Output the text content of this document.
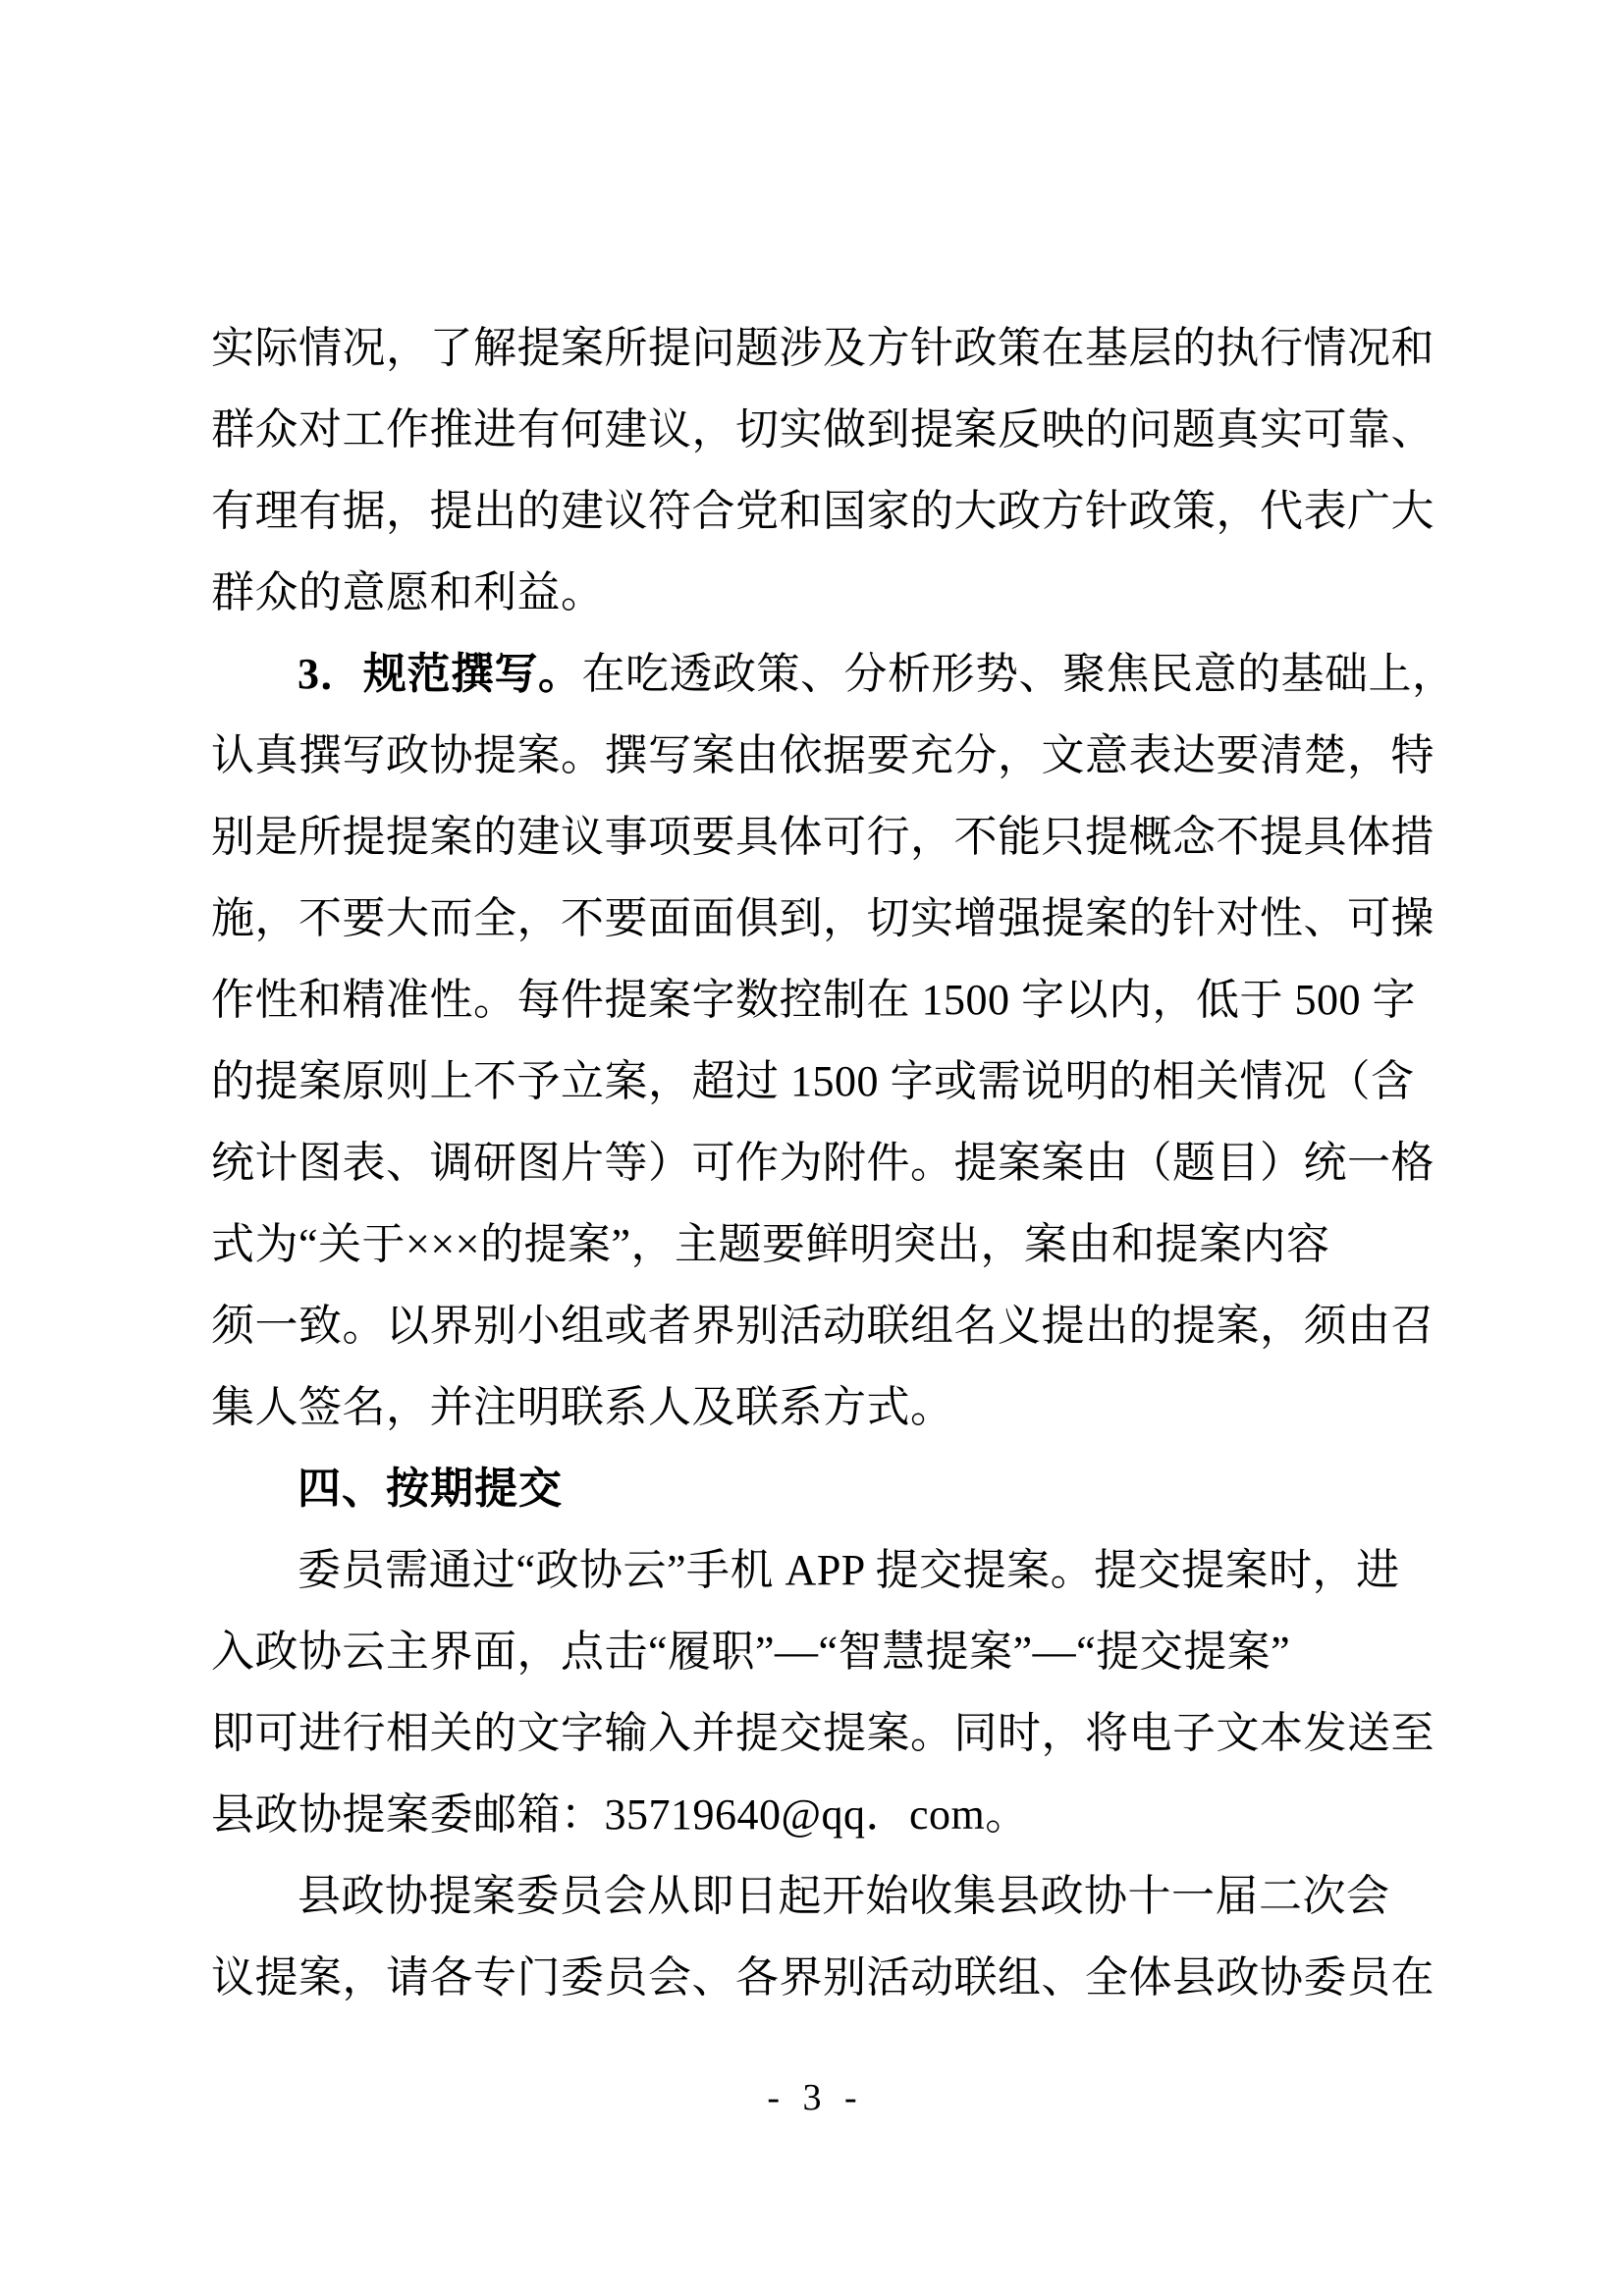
实际情况，了解提案所提问题涉及方针政策在基层的执行情况和
群众对工作推进有何建议，切实做到提案反映的问题真实可靠、
有理有据，提出的建议符合党和国家的大政方针政策，代表广大
群众的意愿和利益。
3．规范撰写。在吃透政策、分析形势、聚焦民意的基础上，
认真撰写政协提案。撰写案由依据要充分，文意表达要清楚，特
别是所提提案的建议事项要具体可行，不能只提概念不提具体措
施，不要大而全，不要面面俱到，切实增强提案的针对性、可操
作性和精准性。每件提案字数控制在 1500 字以内，低于 500 字
的提案原则上不予立案，超过 1500 字或需说明的相关情况（含
统计图表、调研图片等）可作为附件。提案案由（题目）统一格
式为“关于×××的提案”，主题要鲜明突出，案由和提案内容
须一致。以界别小组或者界别活动联组名义提出的提案，须由召
集人签名，并注明联系人及联系方式。
四、按期提交
委员需通过“政协云”手机 APP 提交提案。提交提案时，进
入政协云主界面，点击“履职”—“智慧提案”—“提交提案”
即可进行相关的文字输入并提交提案。同时，将电子文本发送至
县政协提案委邮箱：35719640@qq．com。
县政协提案委员会从即日起开始收集县政协十一届二次会
议提案，请各专门委员会、各界别活动联组、全体县政协委员在
- 3 -
